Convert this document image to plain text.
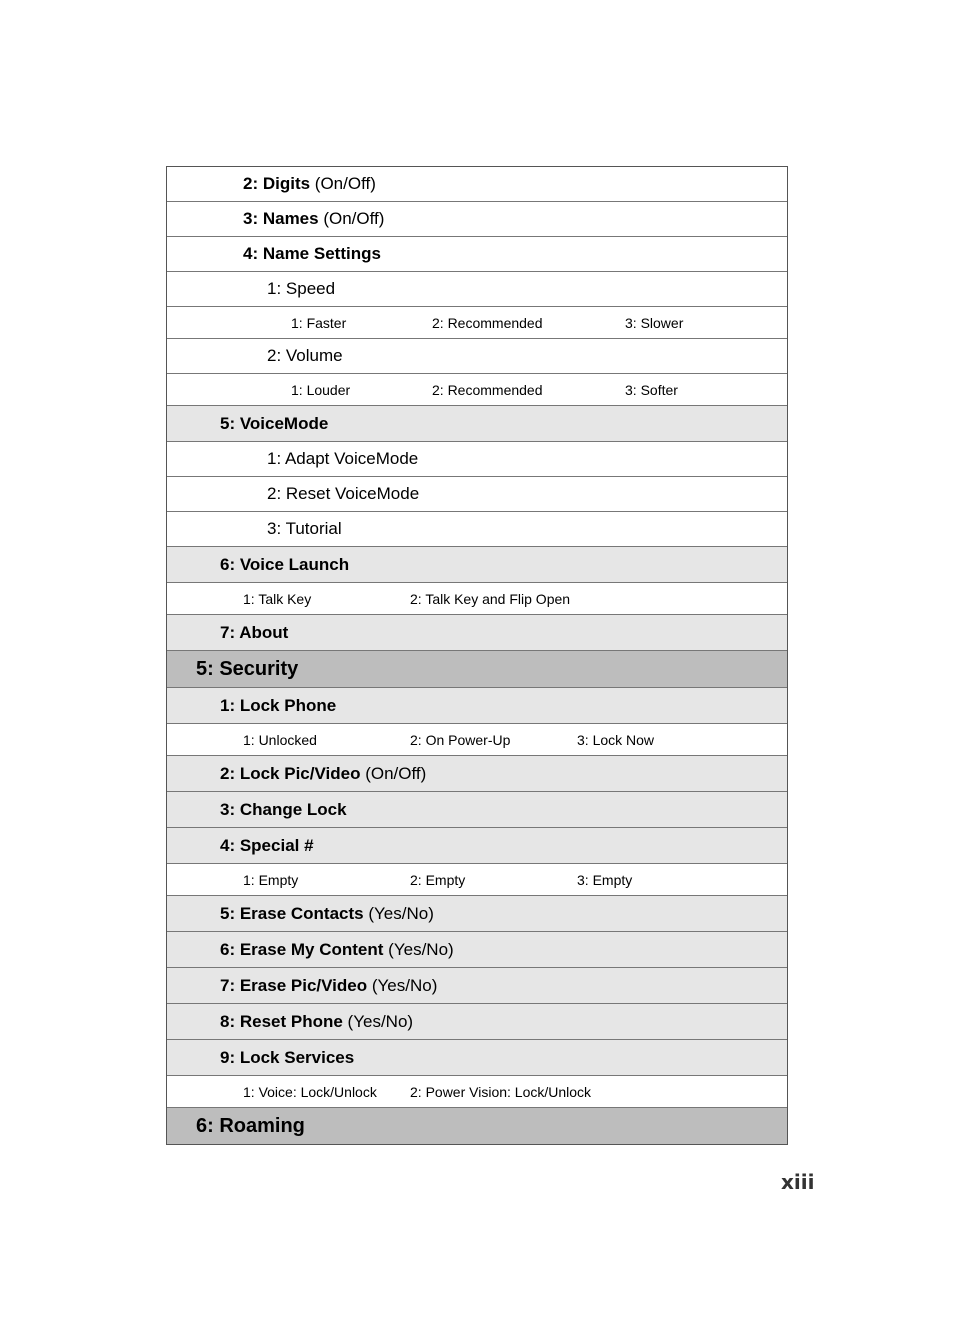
2: Digits (On/Off)
3: Names (On/Off)
4: Name Settings
1: Speed
1: Faster	2: Recommended	3: Slower
2: Volume
1: Louder	2: Recommended	3: Softer
5: VoiceMode
1: Adapt VoiceMode
2: Reset VoiceMode
3: Tutorial
6: Voice Launch
1: Talk Key	2: Talk Key and Flip Open
7: About
5: Security
1: Lock Phone
1: Unlocked	2: On Power-Up	3: Lock Now
2: Lock Pic/Video (On/Off)
3: Change Lock
4: Special #
1: Empty	2: Empty	3: Empty
5: Erase Contacts (Yes/No)
6: Erase My Content (Yes/No)
7: Erase Pic/Video (Yes/No)
8: Reset Phone (Yes/No)
9: Lock Services
1: Voice: Lock/Unlock 2: Power Vision: Lock/Unlock
6: Roaming
xiii
